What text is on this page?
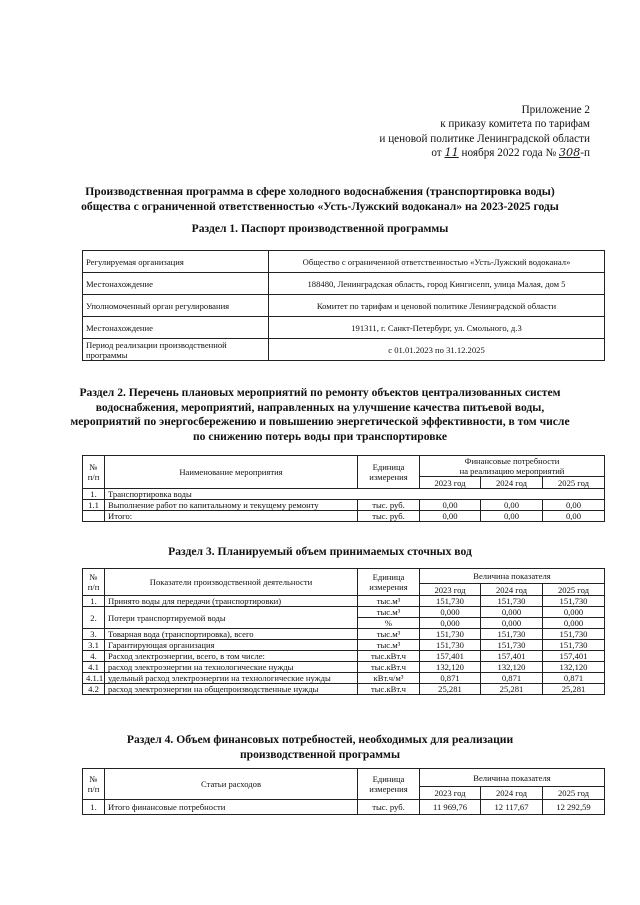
Приложение 2
к приказу комитета по тарифам
и ценовой политике Ленинградской области
от 11 ноября 2022 года № 308-п
Производственная программа в сфере холодного водоснабжения (транспортировка воды)
общества с ограниченной ответственностью «Усть-Лужский водоканал» на 2023-2025 годы
Раздел 1. Паспорт производственной программы
Регулируемая организация	Общество с ограниченной ответственностью «Усть-Лужский водоканал»
Местонахождение	188480, Ленинградская область, город Кингисепп, улица Малая, дом 5
Уполномоченный орган регулирования	Комитет по тарифам и ценовой политике Ленинградской области
Местонахождение	191311, г. Санкт-Петербург, ул. Смольного, д.3
Период реализации производственной программы	с 01.01.2023 по 31.12.2025
Раздел 2. Перечень плановых мероприятий по ремонту объектов централизованных систем
водоснабжения, мероприятий, направленных на улучшение качества питьевой воды,
мероприятий по энергосбережению и повышению энергетической эффективности, в том числе
по снижению потерь воды при транспортировке
№ п/п	Наименование мероприятия	Единица измерения	Финансовые потребности
на реализацию мероприятий		

			2023 год	2024 год	2025 год
1.	Транспортировка воды				
1.1	Выполнение работ по капитальному и текущему ремонту	тыс. руб.	0,00	0,00	0,00
	Итого:	тыс. руб.	0,00	0,00	0,00
Раздел 3. Планируемый объем принимаемых сточных вод
№ п/п	Показатели производственной деятельности	Единица измерения	Величина показателя		
			2023 год	2024 год	2025 год
1.	Принято воды для передачи (транспортировки)	тыс.м³	151,730	151,730	151,730
2.	Потери транспортируемой воды	тыс.м³	0,000	0,000	0,000
		%	0,000	0,000	0,000
3.	Товарная вода (транспортировка), всего	тыс.м³	151,730	151,730	151,730
3.1	Гарантирующая организация	тыс.м³	151,730	151,730	151,730
4.	Расход электроэнергии, всего, в том числе:	тыс.кВт.ч	157,401	157,401	157,401
4.1	расход электроэнергии на технологические нужды	тыс.кВт.ч	132,120	132,120	132,120
4.1.1	удельный расход электроэнергии на технологические нужды	кВт.ч/м³	0,871	0,871	0,871
4.2	расход электроэнергии на общепроизводственные нужды	тыс.кВт.ч	25,281	25,281	25,281
Раздел 4. Объем финансовых потребностей, необходимых для реализации
производственной программы
№ п/п	Статьи расходов	Единица измерения	Величина показателя		
			2023 год	2024 год	2025 год
1.	Итого финансовые потребности	тыс. руб.	11 969,76	12 117,67	12 292,59
